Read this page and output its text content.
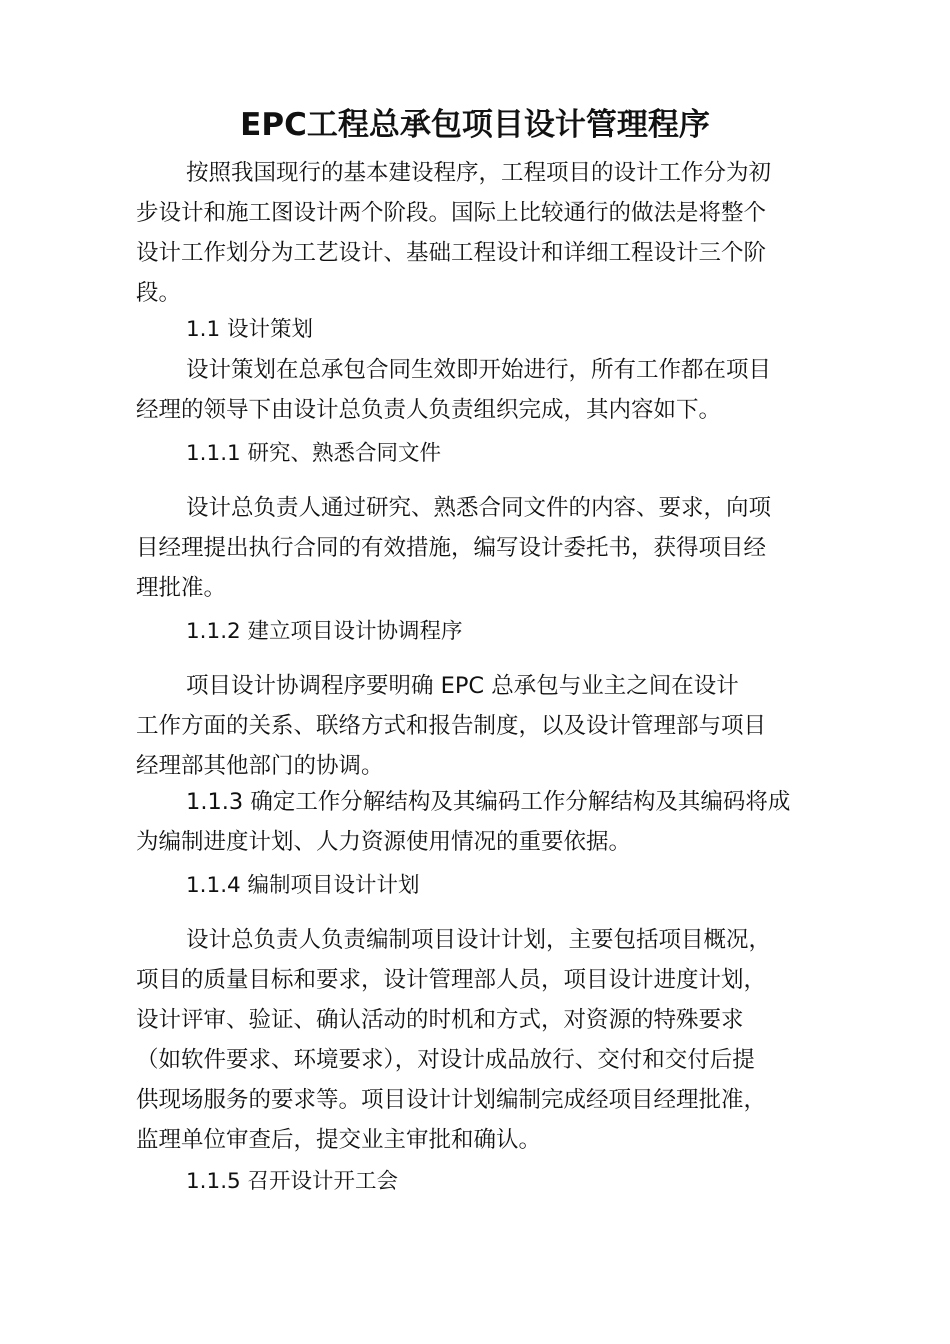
EPC工程总承包项目设计管理程序
按照我国现行的基本建设程序，工程项目的设计工作分为初
步设计和施工图设计两个阶段。国际上比较通行的做法是将整个
设计工作划分为工艺设计、基础工程设计和详细工程设计三个阶
段。
1.1 设计策划
设计策划在总承包合同生效即开始进行，所有工作都在项目
经理的领导下由设计总负责人负责组织完成，其内容如下。
1.1.1 研究、熟悉合同文件
设计总负责人通过研究、熟悉合同文件的内容、要求，向项
目经理提出执行合同的有效措施，编写设计委托书，获得项目经
理批准。
1.1.2 建立项目设计协调程序
项目设计协调程序要明确 EPC 总承包与业主之间在设计
工作方面的关系、联络方式和报告制度，以及设计管理部与项目
经理部其他部门的协调。
1.1.3 确定工作分解结构及其编码工作分解结构及其编码将成
为编制进度计划、人力资源使用情况的重要依据。
1.1.4 编制项目设计计划
设计总负责人负责编制项目设计计划，主要包括项目概况，
项目的质量目标和要求，设计管理部人员，项目设计进度计划，
设计评审、验证、确认活动的时机和方式，对资源的特殊要求
（如软件要求、环境要求），对设计成品放行、交付和交付后提
供现场服务的要求等。项目设计计划编制完成经项目经理批准，
监理单位审查后，提交业主审批和确认。
1.1.5 召开设计开工会
